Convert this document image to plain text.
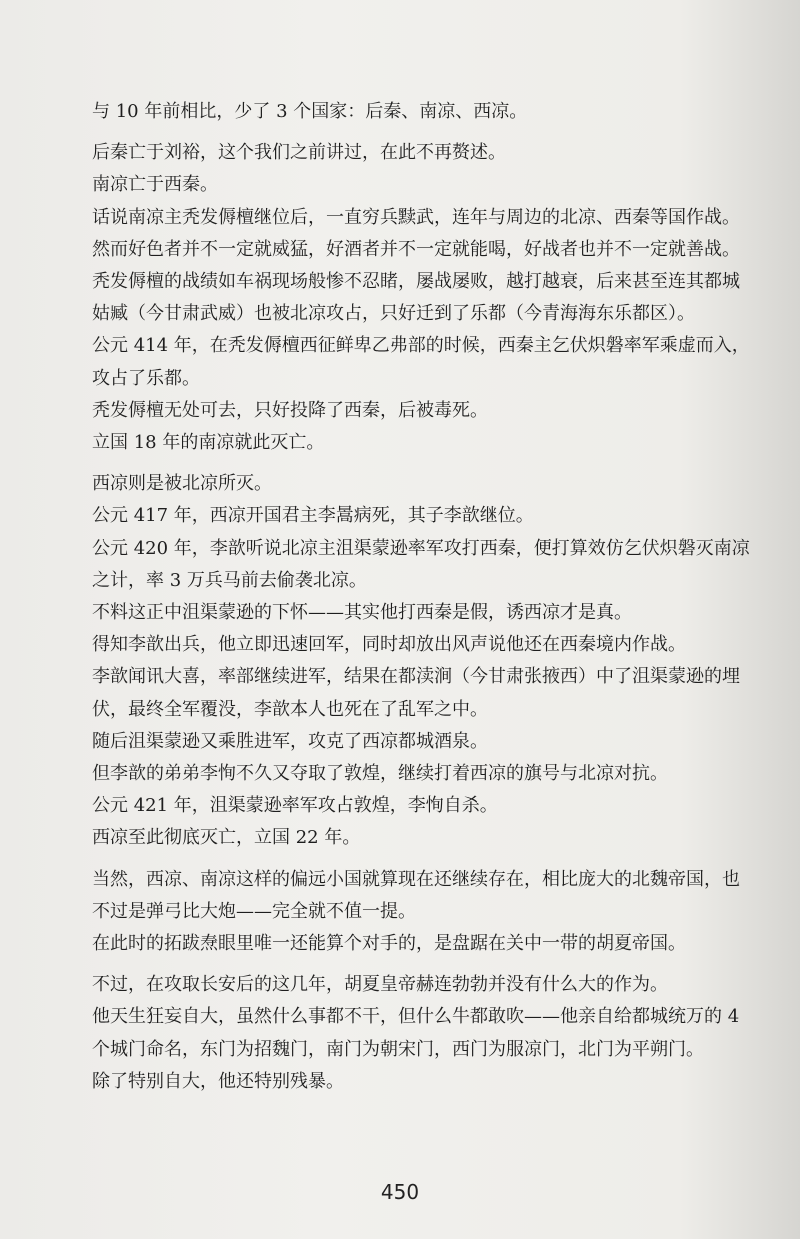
与 10 年前相比，少了 3 个国家：后秦、南凉、西凉。

后秦亡于刘裕，这个我们之前讲过，在此不再赘述。

南凉亡于西秦。

话说南凉主秃发傉檀继位后，一直穷兵黩武，连年与周边的北凉、西秦等国作战。

然而好色者并不一定就威猛，好酒者并不一定就能喝，好战者也并不一定就善战。

秃发傉檀的战绩如车祸现场般惨不忍睹，屡战屡败，越打越衰，后来甚至连其都城姑臧（今甘肃武威）也被北凉攻占，只好迁到了乐都（今青海海东乐都区）。

公元 414 年，在秃发傉檀西征鲜卑乙弗部的时候，西秦主乞伏炽磐率军乘虚而入，攻占了乐都。

秃发傉檀无处可去，只好投降了西秦，后被毒死。

立国 18 年的南凉就此灭亡。

西凉则是被北凉所灭。

公元 417 年，西凉开国君主李暠病死，其子李歆继位。

公元 420 年，李歆听说北凉主沮渠蒙逊率军攻打西秦，便打算效仿乞伏炽磐灭南凉之计，率 3 万兵马前去偷袭北凉。

不料这正中沮渠蒙逊的下怀——其实他打西秦是假，诱西凉才是真。

得知李歆出兵，他立即迅速回军，同时却放出风声说他还在西秦境内作战。

李歆闻讯大喜，率部继续进军，结果在都渎涧（今甘肃张掖西）中了沮渠蒙逊的埋伏，最终全军覆没，李歆本人也死在了乱军之中。

随后沮渠蒙逊又乘胜进军，攻克了西凉都城酒泉。

但李歆的弟弟李恂不久又夺取了敦煌，继续打着西凉的旗号与北凉对抗。

公元 421 年，沮渠蒙逊率军攻占敦煌，李恂自杀。

西凉至此彻底灭亡，立国 22 年。

当然，西凉、南凉这样的偏远小国就算现在还继续存在，相比庞大的北魏帝国，也不过是弹弓比大炮——完全就不值一提。

在此时的拓跋焘眼里唯一还能算个对手的，是盘踞在关中一带的胡夏帝国。

不过，在攻取长安后的这几年，胡夏皇帝赫连勃勃并没有什么大的作为。

他天生狂妄自大，虽然什么事都不干，但什么牛都敢吹——他亲自给都城统万的 4 个城门命名，东门为招魏门，南门为朝宋门，西门为服凉门，北门为平朔门。

除了特别自大，他还特别残暴。

450
